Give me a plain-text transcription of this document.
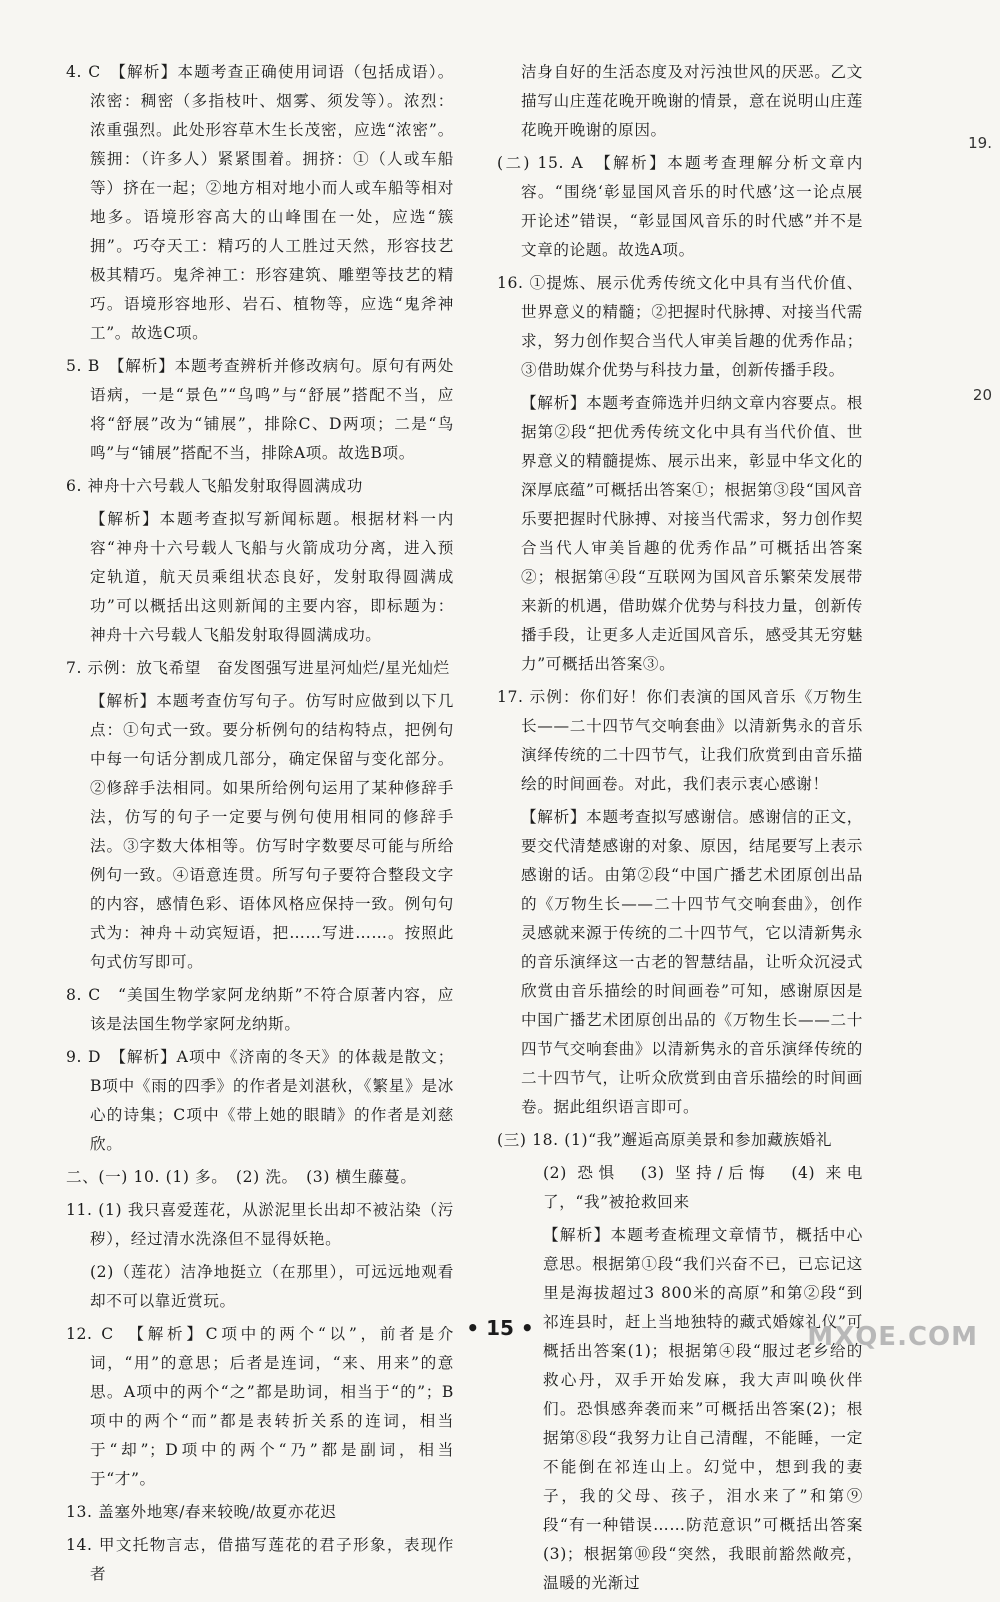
4. C　【解析】本题考查正确使用词语（包括成语）。浓密：稠密（多指枝叶、烟雾、须发等）。浓烈：浓重强烈。此处形容草木生长茂密，应选“浓密”。簇拥：（许多人）紧紧围着。拥挤：①（人或车船等）挤在一起；②地方相对地小而人或车船等相对地多。语境形容高大的山峰围在一处，应选“簇拥”。巧夺天工：精巧的人工胜过天然，形容技艺极其精巧。鬼斧神工：形容建筑、雕塑等技艺的精巧。语境形容地形、岩石、植物等，应选“鬼斧神工”。故选C项。

5. B　【解析】本题考查辨析并修改病句。原句有两处语病，一是“景色”“鸟鸣”与“舒展”搭配不当，应将“舒展”改为“铺展”，排除C、D两项；二是“鸟鸣”与“铺展”搭配不当，排除A项。故选B项。

6. 神舟十六号载人飞船发射取得圆满成功

【解析】本题考查拟写新闻标题。根据材料一内容“神舟十六号载人飞船与火箭成功分离，进入预定轨道，航天员乘组状态良好，发射取得圆满成功”可以概括出这则新闻的主要内容，即标题为：神舟十六号载人飞船发射取得圆满成功。

7. 示例：放飞希望　奋发图强写进星河灿烂/星光灿烂

【解析】本题考查仿写句子。仿写时应做到以下几点：①句式一致。要分析例句的结构特点，把例句中每一句话分割成几部分，确定保留与变化部分。②修辞手法相同。如果所给例句运用了某种修辞手法，仿写的句子一定要与例句使用相同的修辞手法。③字数大体相等。仿写时字数要尽可能与所给例句一致。④语意连贯。所写句子要符合整段文字的内容，感情色彩、语体风格应保持一致。例句句式为：神舟＋动宾短语，把……写进……。按照此句式仿写即可。

8. C　“美国生物学家阿龙纳斯”不符合原著内容，应该是法国生物学家阿龙纳斯。

9. D　【解析】A项中《济南的冬天》的体裁是散文；B项中《雨的四季》的作者是刘湛秋，《繁星》是冰心的诗集；C项中《带上她的眼睛》的作者是刘慈欣。

二、(一) 10. (1) 多。　(2) 洗。　(3) 横生藤蔓。

11. (1) 我只喜爱莲花，从淤泥里长出却不被沾染（污秽），经过清水洗涤但不显得妖艳。

(2)（莲花）洁净地挺立（在那里），可远远地观看却不可以靠近赏玩。

12. C　【解析】C项中的两个“以”，前者是介词，“用”的意思；后者是连词，“来、用来”的意思。A项中的两个“之”都是助词，相当于“的”；B项中的两个“而”都是表转折关系的连词，相当于“却”；D项中的两个“乃”都是副词，相当于“才”。

13. 盖塞外地寒/春来较晚/故夏亦花迟

14. 甲文托物言志，借描写莲花的君子形象，表现作者

洁身自好的生活态度及对污浊世风的厌恶。乙文描写山庄莲花晚开晚谢的情景，意在说明山庄莲花晚开晚谢的原因。

(二) 15. A　【解析】本题考查理解分析文章内容。“围绕‘彰显国风音乐的时代感’这一论点展开论述”错误，“彰显国风音乐的时代感”并不是文章的论题。故选A项。

16. ①提炼、展示优秀传统文化中具有当代价值、世界意义的精髓；②把握时代脉搏、对接当代需求，努力创作契合当代人审美旨趣的优秀作品；③借助媒介优势与科技力量，创新传播手段。

【解析】本题考查筛选并归纳文章内容要点。根据第②段“把优秀传统文化中具有当代价值、世界意义的精髓提炼、展示出来，彰显中华文化的深厚底蕴”可概括出答案①；根据第③段“国风音乐要把握时代脉搏、对接当代需求，努力创作契合当代人审美旨趣的优秀作品”可概括出答案②；根据第④段“互联网为国风音乐繁荣发展带来新的机遇，借助媒介优势与科技力量，创新传播手段，让更多人走近国风音乐，感受其无穷魅力”可概括出答案③。

17. 示例：你们好！你们表演的国风音乐《万物生长——二十四节气交响套曲》以清新隽永的音乐演绎传统的二十四节气，让我们欣赏到由音乐描绘的时间画卷。对此，我们表示衷心感谢！

【解析】本题考查拟写感谢信。感谢信的正文，要交代清楚感谢的对象、原因，结尾要写上表示感谢的话。由第②段“中国广播艺术团原创出品的《万物生长——二十四节气交响套曲》，创作灵感就来源于传统的二十四节气，它以清新隽永的音乐演绎这一古老的智慧结晶，让听众沉浸式欣赏由音乐描绘的时间画卷”可知，感谢原因是中国广播艺术团原创出品的《万物生长——二十四节气交响套曲》以清新隽永的音乐演绎传统的二十四节气，让听众欣赏到由音乐描绘的时间画卷。据此组织语言即可。

(三) 18. (1)“我”邂逅高原美景和参加藏族婚礼

(2) 恐惧　(3) 坚持/后悔　(4) 来电了，“我”被抢救回来

【解析】本题考查梳理文章情节，概括中心意思。根据第①段“我们兴奋不已，已忘记这里是海拔超过3 800米的高原”和第②段“到祁连县时，赶上当地独特的藏式婚嫁礼仪”可概括出答案(1)；根据第④段“服过老乡给的救心丹，双手开始发麻，我大声叫唤伙伴们。恐惧感奔袭而来”可概括出答案(2)；根据第⑧段“我努力让自己清醒，不能睡，一定不能倒在祁连山上。幻觉中，想到我的妻子，我的父母、孩子，泪水来了”和第⑨段“有一种错误……防范意识”可概括出答案(3)；根据第⑩段“突然，我眼前豁然敞亮，温暖的光渐过

19.
20
• 15 •	MXQE.COM
